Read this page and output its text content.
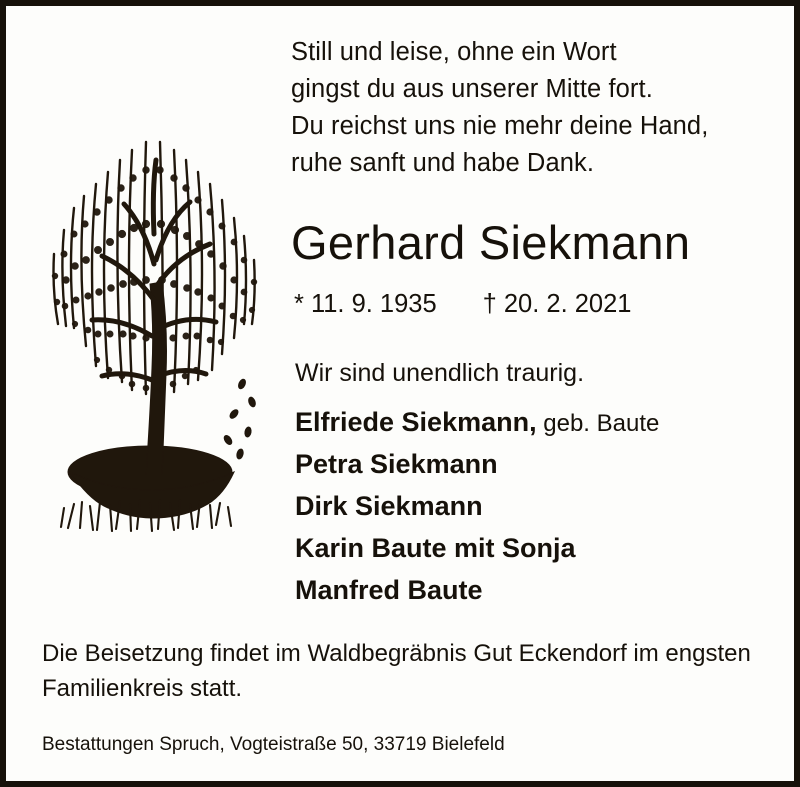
Still und leise, ohne ein Wort
gingst du aus unserer Mitte fort.
Du reichst uns nie mehr deine Hand,
ruhe sanft und habe Dank.
Gerhard Siekmann
* 11. 9. 1935 † 20. 2. 2021
Wir sind unendlich traurig.
Elfriede Siekmann, geb. Baute
Petra Siekmann
Dirk Siekmann
Karin Baute mit Sonja
Manfred Baute
Die Beisetzung findet im Waldbegräbnis Gut Eckendorf im engsten
Familienkreis statt.
Bestattungen Spruch, Vogteistraße 50, 33719 Bielefeld
